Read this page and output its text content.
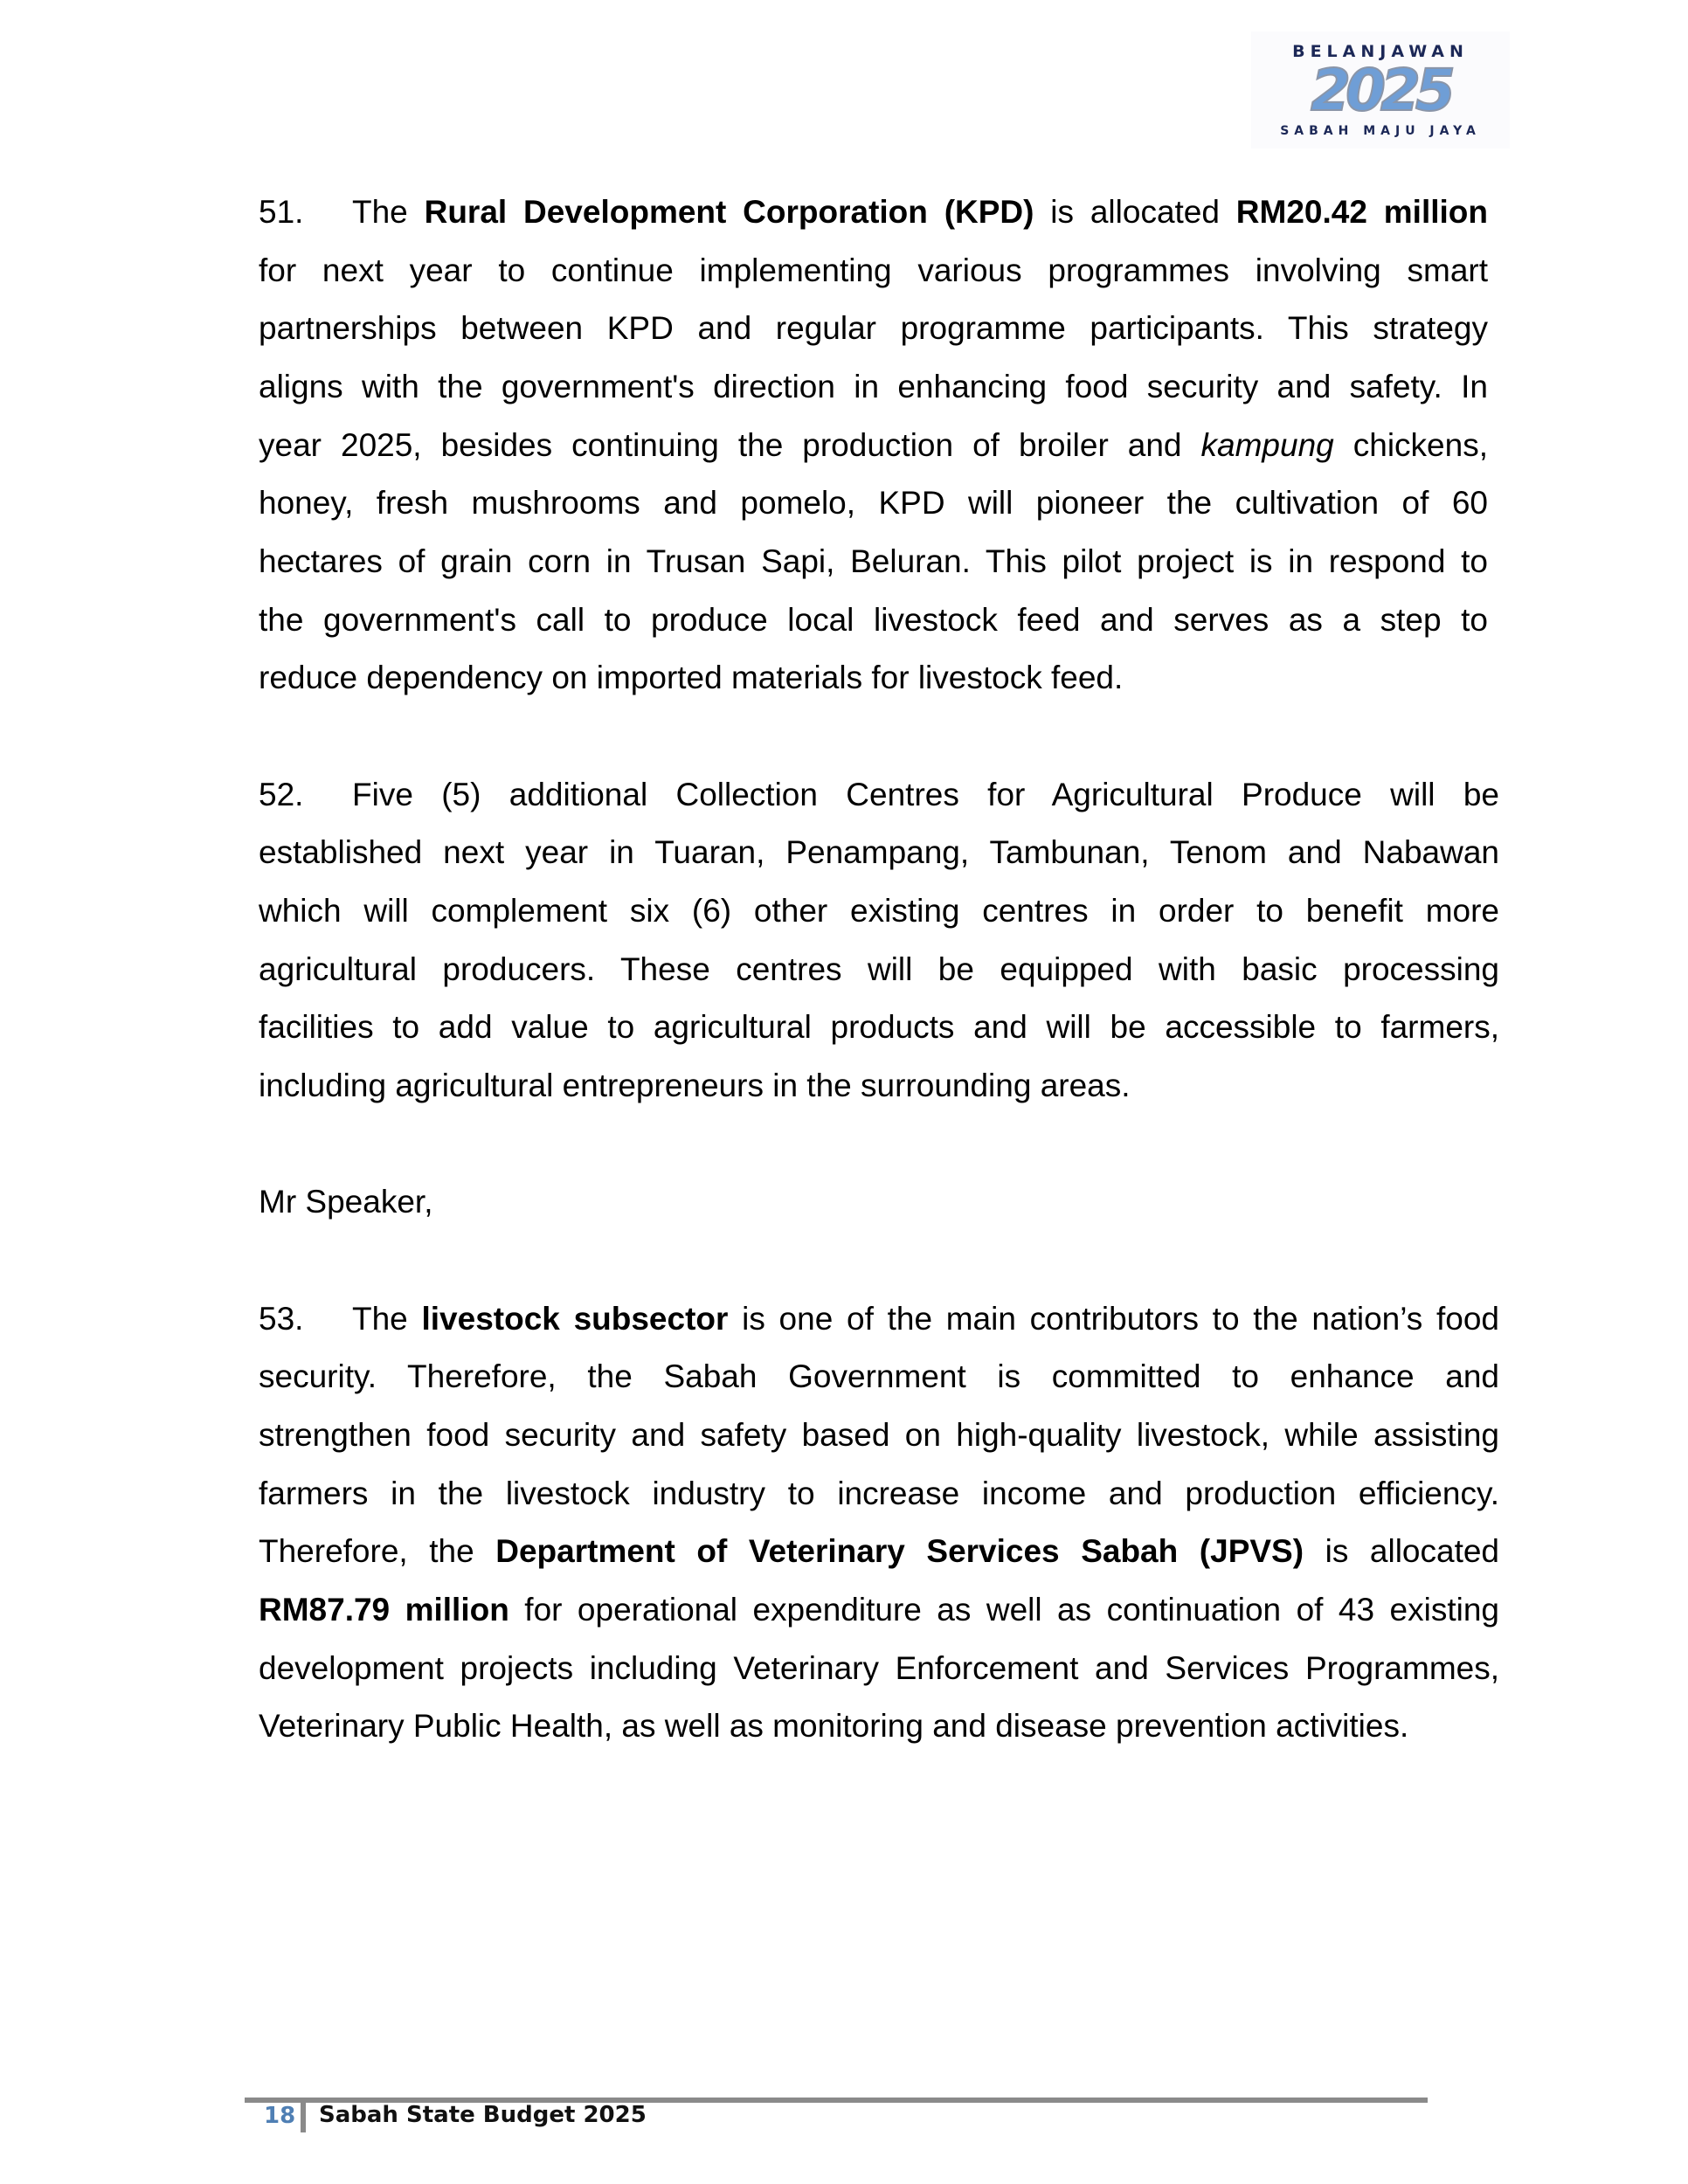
BELANJAWAN
2025
SABAH MAJU JAYA
51. The Rural Development Corporation (KPD) is allocated RM20.42 million
for next year to continue implementing various programmes involving smart
partnerships between KPD and regular programme participants. This strategy
aligns with the government's direction in enhancing food security and safety. In
year 2025, besides continuing the production of broiler and kampung chickens,
honey, fresh mushrooms and pomelo, KPD will pioneer the cultivation of 60
hectares of grain corn in Trusan Sapi, Beluran. This pilot project is in respond to
the government's call to produce local livestock feed and serves as a step to
reduce dependency on imported materials for livestock feed.
52. Five (5) additional Collection Centres for Agricultural Produce will be
established next year in Tuaran, Penampang, Tambunan, Tenom and Nabawan
which will complement six (6) other existing centres in order to benefit more
agricultural producers. These centres will be equipped with basic processing
facilities to add value to agricultural products and will be accessible to farmers,
including agricultural entrepreneurs in the surrounding areas.
Mr Speaker,
53. The livestock subsector is one of the main contributors to the nation’s food
security. Therefore, the Sabah Government is committed to enhance and
strengthen food security and safety based on high-quality livestock, while assisting
farmers in the livestock industry to increase income and production efficiency.
Therefore, the Department of Veterinary Services Sabah (JPVS) is allocated
RM87.79 million for operational expenditure as well as continuation of 43 existing
development projects including Veterinary Enforcement and Services Programmes,
Veterinary Public Health, as well as monitoring and disease prevention activities.
18 Sabah State Budget 2025
